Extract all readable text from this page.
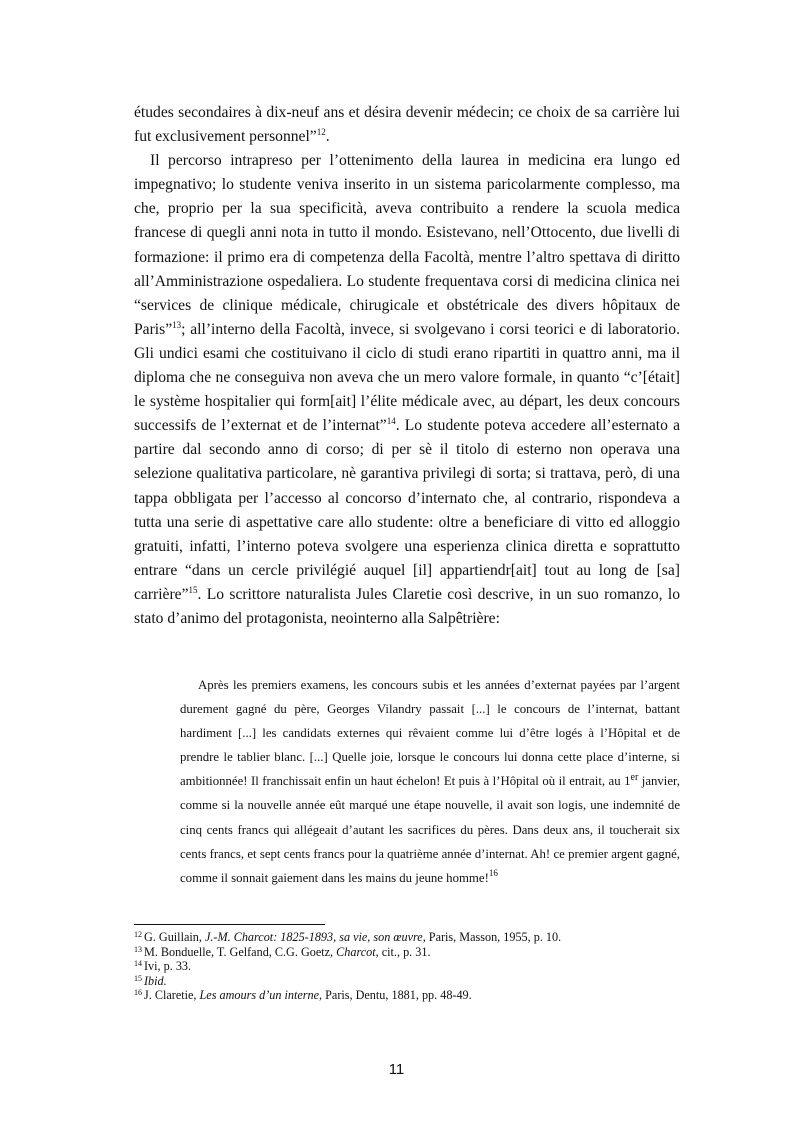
études secondaires à dix-neuf ans et désira devenir médecin; ce choix de sa carrière lui fut exclusivement personnel”$^{12}$.

Il percorso intrapreso per l’ottenimento della laurea in medicina era lungo ed impegnativo; lo studente veniva inserito in un sistema paricolarmente complesso, ma che, proprio per la sua specificità, aveva contribuito a rendere la scuola medica francese di quegli anni nota in tutto il mondo. Esistevano, nell’Ottocento, due livelli di formazione: il primo era di competenza della Facoltà, mentre l’altro spettava di diritto all’Amministrazione ospedaliera. Lo studente frequentava corsi di medicina clinica nei “services de clinique médicale, chirugicale et obstétricale des divers hôpitaux de Paris”$^{13}$; all’interno della Facoltà, invece, si svolgevano i corsi teorici e di laboratorio. Gli undici esami che costituivano il ciclo di studi erano ripartiti in quattro anni, ma il diploma che ne conseguiva non aveva che un mero valore formale, in quanto “c’[était] le système hospitalier qui form[ait] l’élite médicale avec, au départ, les deux concours successifs de l’externat et de l’internat”$^{14}$. Lo studente poteva accedere all’esternato a partire dal secondo anno di corso; di per sè il titolo di esterno non operava una selezione qualitativa particolare, nè garantiva privilegi di sorta; si trattava, però, di una tappa obbligata per l’accesso al concorso d’internato che, al contrario, rispondeva a tutta una serie di aspettative care allo studente: oltre a beneficiare di vitto ed alloggio gratuiti, infatti, l’interno poteva svolgere una esperienza clinica diretta e soprattutto entrare “dans un cercle privilégié auquel [il] appartiendr[ait] tout au long de [sa] carrière”$^{15}$. Lo scrittore naturalista Jules Claretie così descrive, in un suo romanzo, lo stato d’animo del protagonista, neointerno alla Salpêtrière:

Après les premiers examens, les concours subis et les années d’externat payées par l’argent durement gagné du père, Georges Vilandry passait [...] le concours de l’internat, battant hardiment [...] les candidats externes qui rêvaient comme lui d’être logés à l’Hôpital et de prendre le tablier blanc. [...] Quelle joie, lorsque le concours lui donna cette place d’interne, si ambitionnée! Il franchissait enfin un haut échelon! Et puis à l’Hôpital où il entrait, au 1er janvier, comme si la nouvelle année eût marqué une étape nouvelle, il avait son logis, une indemnité de cinq cents francs qui allégeait d’autant les sacrifices du pères. Dans deux ans, il toucherait six cents francs, et sept cents francs pour la quatrième année d’internat. Ah! ce premier argent gagné, comme il sonnait gaiement dans les mains du jeune homme!$^{16}$

$^{12}$ G. Guillain, J.-M. Charcot: 1825-1893, sa vie, son œuvre, Paris, Masson, 1955, p. 10.
$^{13}$ M. Bonduelle, T. Gelfand, C.G. Goetz, Charcot, cit., p. 31.
$^{14}$ Ivi, p. 33.
$^{15}$ Ibid.
$^{16}$ J. Claretie, Les amours d’un interne, Paris, Dentu, 1881, pp. 48-49.
11
